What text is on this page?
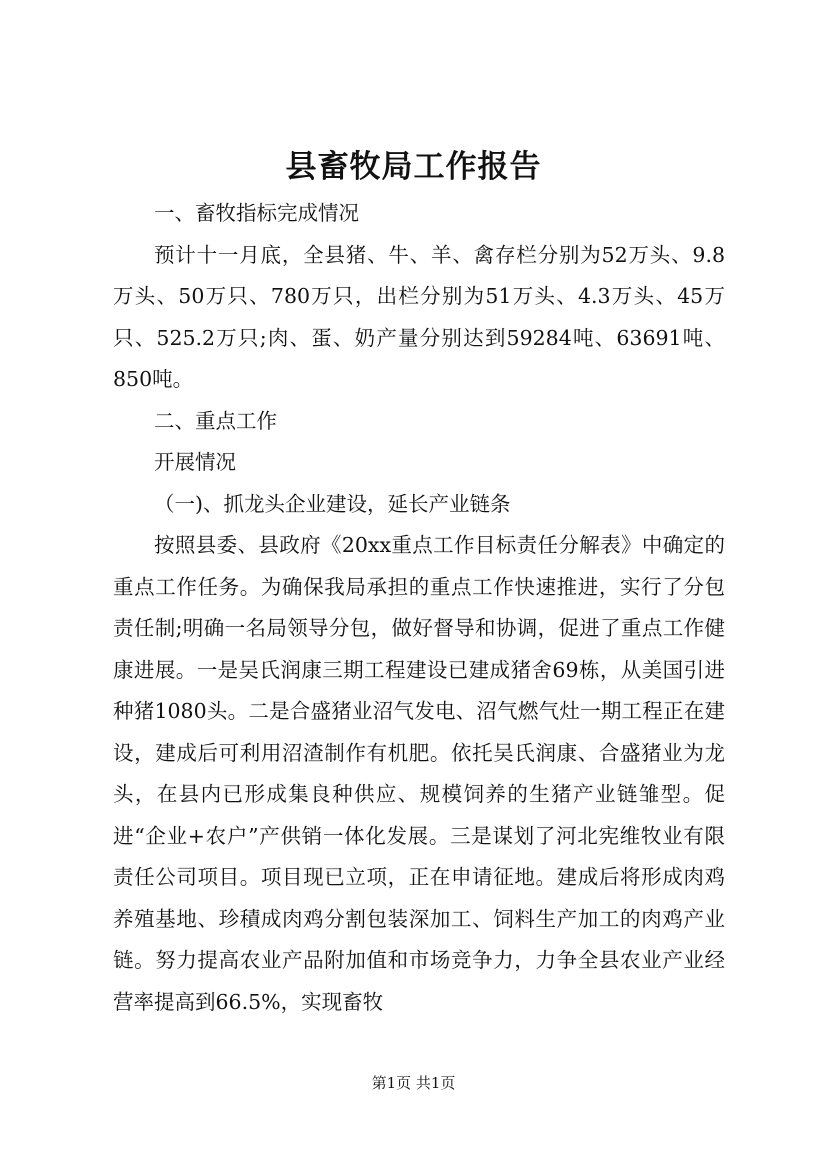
县畜牧局工作报告

一、畜牧指标完成情况

预计十一月底，全县猪、牛、羊、禽存栏分别为52万头、9.8万头、50万只、780万只，出栏分别为51万头、4.3万头、45万只、525.2万只;肉、蛋、奶产量分别达到59284吨、63691吨、850吨。

二、重点工作

开展情况

（一)、抓龙头企业建设，延长产业链条

按照县委、县政府《20xx重点工作目标责任分解表》中确定的重点工作任务。为确保我局承担的重点工作快速推进，实行了分包责任制;明确一名局领导分包，做好督导和协调，促进了重点工作健康进展。一是吴氏润康三期工程建设已建成猪舍69栋，从美国引进种猪1080头。二是合盛猪业沼气发电、沼气燃气灶一期工程正在建设，建成后可利用沼渣制作有机肥。依托吴氏润康、合盛猪业为龙头，在县内已形成集良种供应、规模饲养的生猪产业链雏型。促进“企业+农户”产供销一体化发展。三是谋划了河北宪维牧业有限责任公司项目。项目现已立项，正在申请征地。建成后将形成肉鸡养殖基地、珍積成肉鸡分割包装深加工、饲料生产加工的肉鸡产业链。努力提高农业产品附加值和市场竞争力，力争全县农业产业经营率提高到66.5%，实现畜牧

第1页 共1页
